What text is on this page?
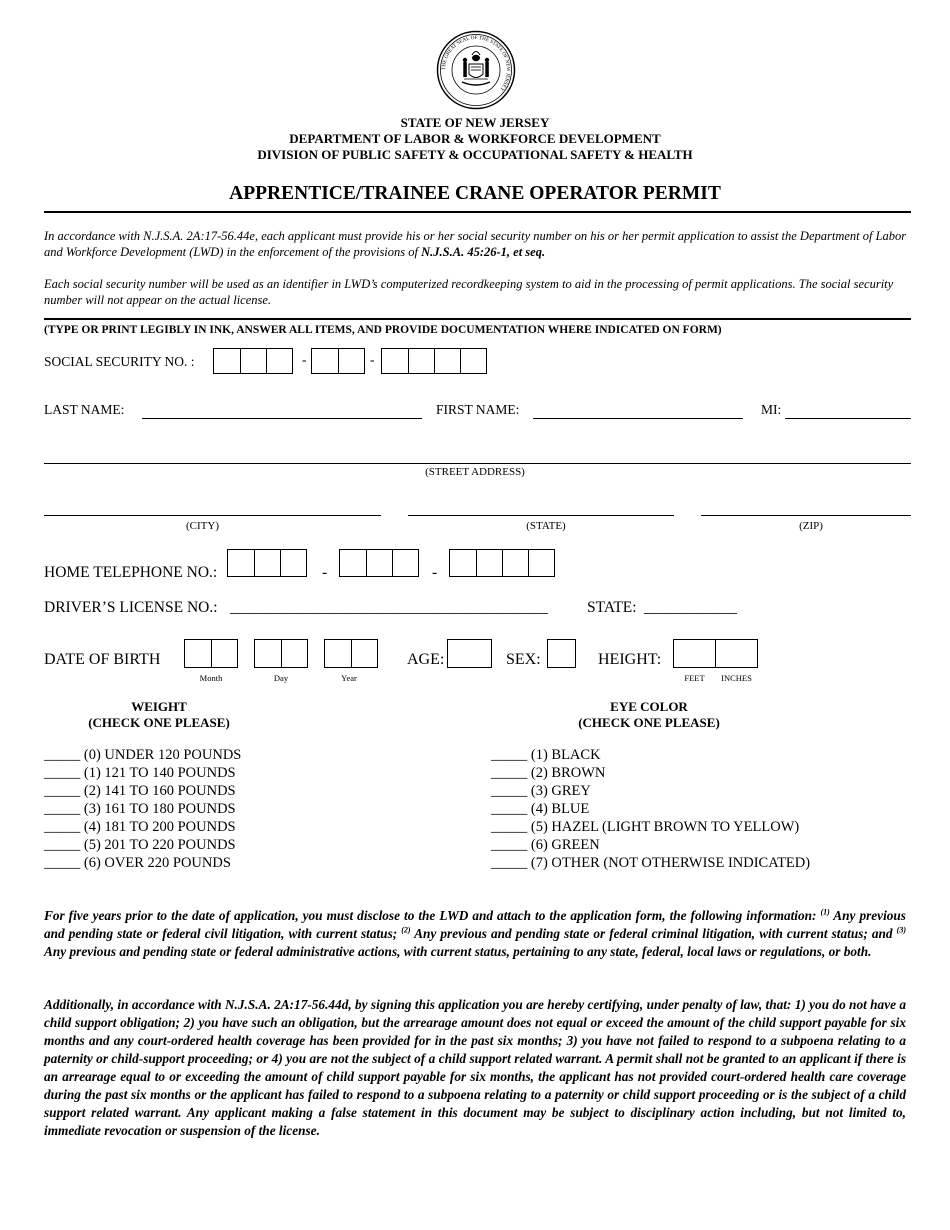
THE GREAT SEAL OF THE STATE OF NEW JERSEY
STATE OF NEW JERSEY
DEPARTMENT OF LABOR & WORKFORCE DEVELOPMENT
DIVISION OF PUBLIC SAFETY & OCCUPATIONAL SAFETY & HEALTH
APPRENTICE/TRAINEE CRANE OPERATOR PERMIT
In accordance with N.J.S.A. 2A:17-56.44e, each applicant must provide his or her social security number on his or her permit application to assist the Department of Labor and Workforce Development (LWD) in the enforcement of the provisions of N.J.S.A. 45:26-1, et seq.
Each social security number will be used as an identifier in LWD’s computerized recordkeeping system to aid in the processing of permit applications. The social security number will not appear on the actual license.
(TYPE OR PRINT LEGIBLY IN INK, ANSWER ALL ITEMS, AND PROVIDE DOCUMENTATION WHERE INDICATED ON FORM)
SOCIAL SECURITY NO. :	-	-
LAST NAME:	FIRST NAME:	MI:
(STREET ADDRESS)
(CITY)	(STATE)	(ZIP)
HOME TELEPHONE NO.:	-	-
DRIVER’S LICENSE NO.: _________________________________________	STATE: ____________
DATE OF BIRTH
Month	Day	Year
AGE:	SEX:	HEIGHT:
FEET	INCHES
WEIGHT
(CHECK ONE PLEASE)
EYE COLOR
(CHECK ONE PLEASE)
_____ (0) UNDER 120 POUNDS
_____ (1) 121 TO 140 POUNDS
_____ (2) 141 TO 160 POUNDS
_____ (3) 161 TO 180 POUNDS
_____ (4) 181 TO 200 POUNDS
_____ (5) 201 TO 220 POUNDS
_____ (6) OVER 220 POUNDS
_____ (1) BLACK
_____ (2) BROWN
_____ (3) GREY
_____ (4) BLUE
_____ (5) HAZEL (LIGHT BROWN TO YELLOW)
_____ (6) GREEN
_____ (7) OTHER (NOT OTHERWISE INDICATED)
For five years prior to the date of application, you must disclose to the LWD and attach to the application form, the following information: $^{(1)}$ Any previous and pending state or federal civil litigation, with current status; $^{(2)}$ Any previous and pending state or federal criminal litigation, with current status; and $^{(3)}$ Any previous and pending state or federal administrative actions, with current status, pertaining to any state, federal, local laws or regulations, or both.
Additionally, in accordance with N.J.S.A. 2A:17-56.44d, by signing this application you are hereby certifying, under penalty of law, that: 1) you do not have a child support obligation; 2) you have such an obligation, but the arrearage amount does not equal or exceed the amount of the child support payable for six months and any court-ordered health coverage has been provided for in the past six months; 3) you have not failed to respond to a subpoena relating to a paternity or child-support proceeding; or 4) you are not the subject of a child support related warrant. A permit shall not be granted to an applicant if there is an arrearage equal to or exceeding the amount of child support payable for six months, the applicant has not provided court-ordered health care coverage during the past six months or the applicant has failed to respond to a subpoena relating to a paternity or child support proceeding or is the subject of a child support related warrant. Any applicant making a false statement in this document may be subject to disciplinary action including, but not limited to, immediate revocation or suspension of the license.
